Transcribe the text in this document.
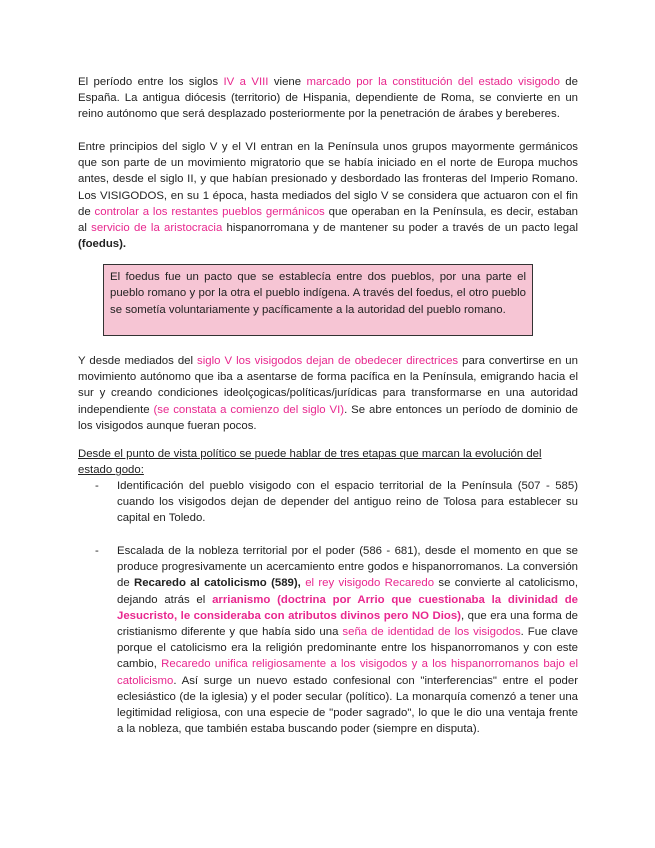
El período entre los siglos IV a VIII viene marcado por la constitución del estado visigodo de España. La antigua diócesis (territorio) de Hispania, dependiente de Roma, se convierte en un reino autónomo que será desplazado posteriormente por la penetración de árabes y bereberes.

Entre principios del siglo V y el VI entran en la Península unos grupos mayormente germánicos que son parte de un movimiento migratorio que se había iniciado en el norte de Europa muchos antes, desde el siglo II, y que habían presionado y desbordado las fronteras del Imperio Romano. Los VISIGODOS, en su 1 época, hasta mediados del siglo V se considera que actuaron con el fin de controlar a los restantes pueblos germánicos que operaban en la Península, es decir, estaban al servicio de la aristocracia hispanorromana y de mantener su poder a través de un pacto legal (foedus).

El foedus fue un pacto que se establecía entre dos pueblos, por una parte el pueblo romano y por la otra el pueblo indígena. A través del foedus, el otro pueblo se sometía voluntariamente y pacíficamente a la autoridad del pueblo romano.

Y desde mediados del siglo V los visigodos dejan de obedecer directrices para convertirse en un movimiento autónomo que iba a asentarse de forma pacífica en la Península, emigrando hacia el sur y creando condiciones ideolçogicas/políticas/jurídicas para transformarse en una autoridad independiente (se constata a comienzo del siglo VI). Se abre entonces un período de dominio de los visigodos aunque fueran pocos.

Desde el punto de vista político se puede hablar de tres etapas que marcan la evolución del estado godo:

- Identificación del pueblo visigodo con el espacio territorial de la Península (507 - 585) cuando los visigodos dejan de depender del antiguo reino de Tolosa para establecer su capital en Toledo.

- Escalada de la nobleza territorial por el poder (586 - 681), desde el momento en que se produce progresivamente un acercamiento entre godos e hispanorromanos. La conversión de Recaredo al catolicismo (589), el rey visigodo Recaredo se convierte al catolicismo, dejando atrás el arrianismo (doctrina por Arrio que cuestionaba la divinidad de Jesucristo, le consideraba con atributos divinos pero NO Dios), que era una forma de cristianismo diferente y que había sido una seña de identidad de los visigodos. Fue clave porque el catolicismo era la religión predominante entre los hispanorromanos y con este cambio, Recaredo unifica religiosamente a los visigodos y a los hispanorromanos bajo el catolicismo. Así surge un nuevo estado confesional con "interferencias" entre el poder eclesiástico (de la iglesia) y el poder secular (político). La monarquía comenzó a tener una legitimidad religiosa, con una especie de "poder sagrado", lo que le dio una ventaja frente a la nobleza, que también estaba buscando poder (siempre en disputa).
